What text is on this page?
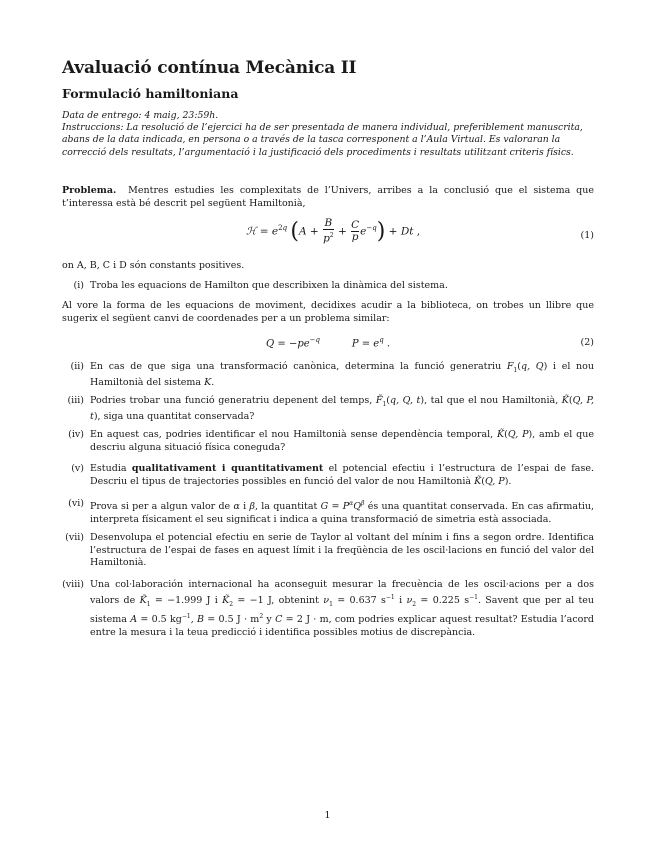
Avaluació contínua Mecànica II
Formulació hamiltoniana

Data de entrego: 4 maig, 23:59h.

Instruccions: La resolució de l’ejercici ha de ser presentada de manera individual, preferiblement manuscrita, abans de la data indicada, en persona o a través de la tasca corresponent a l’Aula Virtual. Es valoraran la correcció dels resultats, l’argumentació i la justificació dels procediments i resultats utilitzant criteris físics.

Problema. Mentres estudies les complexitats de l’Univers, arribes a la conclusió que el sistema que t’interessa està bé descrit pel següent Hamiltonià,

ℋ = $e^{2q}$ $(A + \frac{B}{p^2} + \frac{C}{p} e^{-q}) + Dt$ ,	(1)
on A, B, C i D són constants positives.
(i) Troba les equacions de Hamilton que describixen la dinàmica del sistema.
Al vore la forma de les equacions de moviment, decidixes acudir a la biblioteca, on trobes un llibre que sugerix el següent canvi de coordenades per a un problema similar:
$Q = -pe^{-q}$	$P = e^q$ .	(2)
(ii) En cas de que siga una transformació canònica, determina la funció generatriu $F_1(q$, Q) i el nou Hamiltonià del sistema K.
(iii) Podries trobar una funció generatriu depenent del temps, $F̃_1(q$, Q, t), tal que el nou Hamiltonià, K̃(Q, P, t), siga una quantitat conservada?
(iv) En aquest cas, podries identificar el nou Hamiltonià sense dependència temporal, K̃(Q, P), amb el que descriu alguna situació física coneguda?
(v) Estudia qualitativament i quantitativament el potencial efectiu i l’estructura de l’espai de fase. Descriu el tipus de trajectories possibles en funció del valor de nou Hamiltonià K̃(Q, P).
(vi) Prova si per a algun valor de α i β, la quantitat $G = P^\alpha Q^\beta$ és una quantitat conservada. En cas afirmatiu, interpreta físicament el seu significat i indica a quina transformació de simetria està associada.
(vii) Desenvolupa el potencial efectiu en serie de Taylor al voltant del mínim i fins a segon ordre. Identifica l’estructura de l’espai de fases en aquest límit i la freqüència de les oscil·lacions en funció del valor del Hamiltonià.
(viii) Una col·laboración internacional ha aconseguit mesurar la frecuència de les oscil·acions per a dos valors de $K̃_1 = -1.999$ J i $K̃_2 = -1$ J, obtenint $\nu_1 = 0.637$ $s^{-1}$ i $\nu_2 = 0.225$ $s^{-1}$. Savent que per al teu sistema A = 0.5 $kg^{-1}$, B = 0.5 $J \cdot m^2$ y C = 2 J · m, com podries explicar aquest resultat? Estudia l’acord entre la mesura i la teua predicció i identifica possibles motius de discrepància.
1
